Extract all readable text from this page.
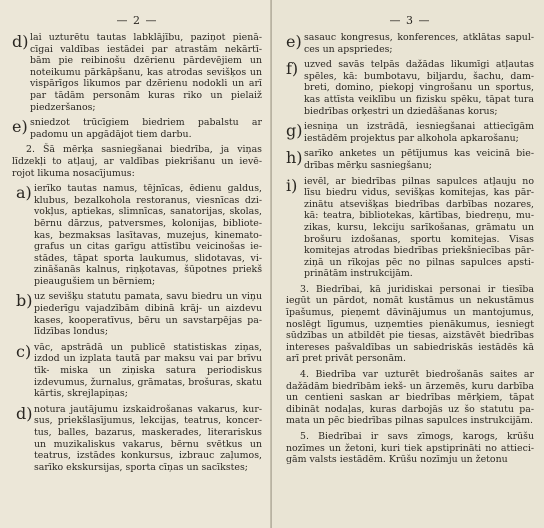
— 2 —
d) lai uzturētu tautas labklājību, paziņot pienā- cīgai valdības iestādei par atrastām nekārtī- bām pie reibinošu dzērienu pārdevējiem un noteikumu pārkāpšanu, kas atrodas sevišķos un vispārīgos likumos par dzērienu nodokli un arī par tādām personām kuras riko un pielaiž piedzeršanos;

e) sniedzot trūcīgiem biedriem pabalstu ar padomu un apgādājot tiem darbu.

2. Šā mērķa sasniegšanai biedrība, ja viņas līdzekļi to atļauj, ar valdības piekrišanu un ievē- rojot likuma nosacījumus:

a) ierīko tautas namus, tējnīcas, ēdienu galdus, klubus, bezalkohola restoranus, viesnīcas dzi- vokļus, aptiekas, slimnīcas, sanatorijas, skolas, bērnu dārzus, patversmes, kolonijas, bibliote- kas, bezmaksas lasītavas, muzejus, kinemato- grafus un citas garīgu attīstību veicinošas ie- stādes, tāpat sporta laukumus, slidotavas, vi- zināšanās kalnus, riņķotavas, šūpotnes priekš pieaugušiem un bērniem;

b) uz sevišķu statutu pamata, savu biedru un viņu piederīgu vajadzībām dibinā krāj- un aizdevu kases, kooperatīvus, bēru un savstarpējas pa- līdzības londus;

c) vāc, apstrādā un publicē statistiskas ziņas, izdod un izplata tautā par maksu vai par brīvu tīk- miska un ziņiska satura periodiskus izdevumus, žurnalus, grāmatas, brošuras, skatu kārtis, skrejlapiņas;

d) notura jautājumu izskaidrošanas vakarus, kur- sus, priekšlasījumus, lekcijas, teatrus, koncer- tus, balles, bazarus, maskerades, literariskus un muzikaliskus vakarus, bērnu svētkus un teatrus, izstādes konkursus, izbrauc zaļumos, sarīko ekskursijas, sporta cīņas un sacīkstes;

— 3 —
e) sasauc kongresus, konferences, atklātas sapul- ces un apspriedes;

f) uzved savās telpās dažādas likumīgi atļautas spēles, kā: bumbotavu, biljardu, šachu, dam- breti, domino, piekopj vingrošanu un sportus, kas attīsta veiklību un fizisku spēku, tāpat tura biedrības orķestri un dziedāšanas korus;

g) iesniņa un izstrādā, iesniegšanai attiecīgām iestādēm projektus par alkohola apkarošanu;

h) sarīko anketes un pētījumus kas veicinā bie- drības mērķu sasniegšanu;

i) ievēl, ar biedrības pilnas sapulces atļauju no līsu biedru vidus, sevišķas komitejas, kas pār- zinātu atsevišķas biedrības darbības nozares, kā: teatra, bibliotekas, kārtības, biedreņu, mu- zikas, kursu, lekciju sarīkošanas, grāmatu un brošuru izdošanas, sportu komitejas. Visas komitejas atrodas biedrības priekšniecības pār- ziņā un rīkojas pēc no pilnas sapulces apsti- prinātām instrukcijām.

3. Biedrībai, kā juridiskai personai ir tiesība iegūt un pārdot, nomāt kustāmus un nekustāmus īpašumus, pieņemt dāvinājumus un mantojumus, noslēgt līgumus, uzņemties pienākumus, iesniegt sūdzības un atbildēt pie tiesas, aizstāvēt biedrības intereses pašvaldības un sabiedriskās iestādēs kā arī pret privāt personām.

4. Biedrība var uzturēt biedrošanās saites ar dažādām biedrībām iekš- un ārzemēs, kuru darbība un centieni saskan ar biedrības mērķiem, tāpat dibināt nodaļas, kuras darbojās uz šo statutu pa- mata un pēc biedrības pilnas sapulces instrukcijām.

5. Biedrībai ir savs zīmogs, karogs, krūšu nozīmes un žetoni, kuri tiek apstiprināti no attieci- gām valsts iestādēm. Krūšu nozīmju un žetonu
